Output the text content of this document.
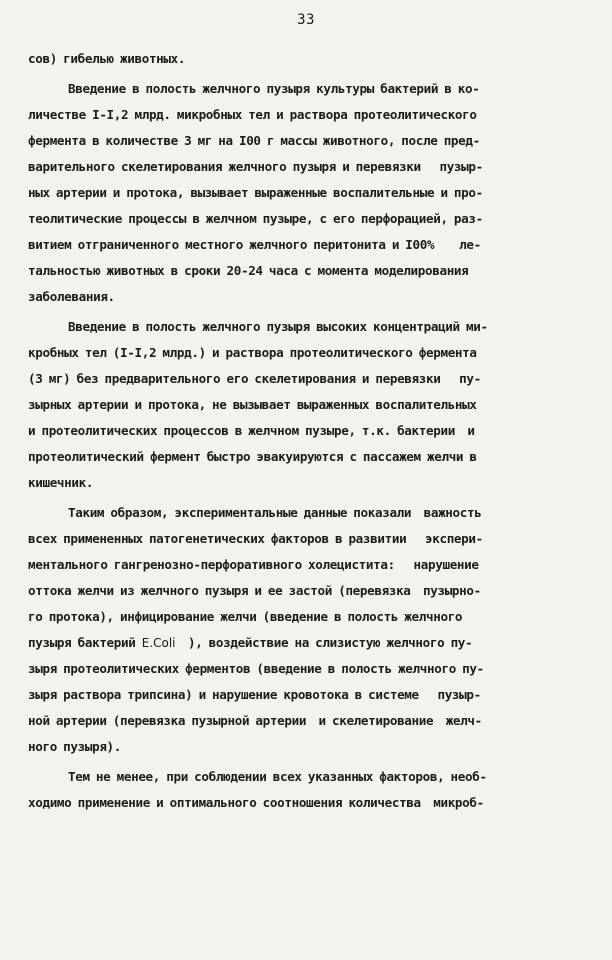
33
сов) гибелью животных.
Введение в полость желчного пузыря культуры бактерий в ко-
личестве I-I,2 млрд. микробных тел и раствора протеолитического
фермента в количестве 3 мг на I00 г массы животного, после пред-
варительного скелетирования желчного пузыря и перевязки   пузыр-
ных артерии и протока, вызывает выраженные воспалительные и про-
теолитические процессы в желчном пузыре, с его перфорацией, раз-
витием отграниченного местного желчного перитонита и I00%    ле-
тальностью животных в сроки 20-24 часа с момента моделирования
заболевания.
Введение в полость желчного пузыря высоких концентраций ми-
кробных тел (I-I,2 млрд.) и раствора протеолитического фермента
(3 мг) без предварительного его скелетирования и перевязки   пу-
зырных артерии и протока, не вызывает выраженных воспалительных
и протеолитических процессов в желчном пузыре, т.к. бактерии  и
протеолитический фермент быстро эвакуируются с пассажем желчи в
кишечник.
Таким образом, экспериментальные данные показали  важность
всех примененных патогенетических факторов в развитии   экспери-
ментального гангренозно-перфоративного холецистита:   нарушение
оттока желчи из желчного пузыря и ее застой (перевязка  пузырно-
го протока), инфицирование желчи (введение в полость желчного
пузыря бактерий E.Coli  ), воздействие на слизистую желчного пу-
зыря протеолитических ферментов (введение в полость желчного пу-
зыря раствора трипсина) и нарушение кровотока в системе   пузыр-
ной артерии (перевязка пузырной артерии  и скелетирование  желч-
ного пузыря).
Тем не менее, при соблюдении всех указанных факторов, необ-
ходимо применение и оптимального соотношения количества  микроб-
